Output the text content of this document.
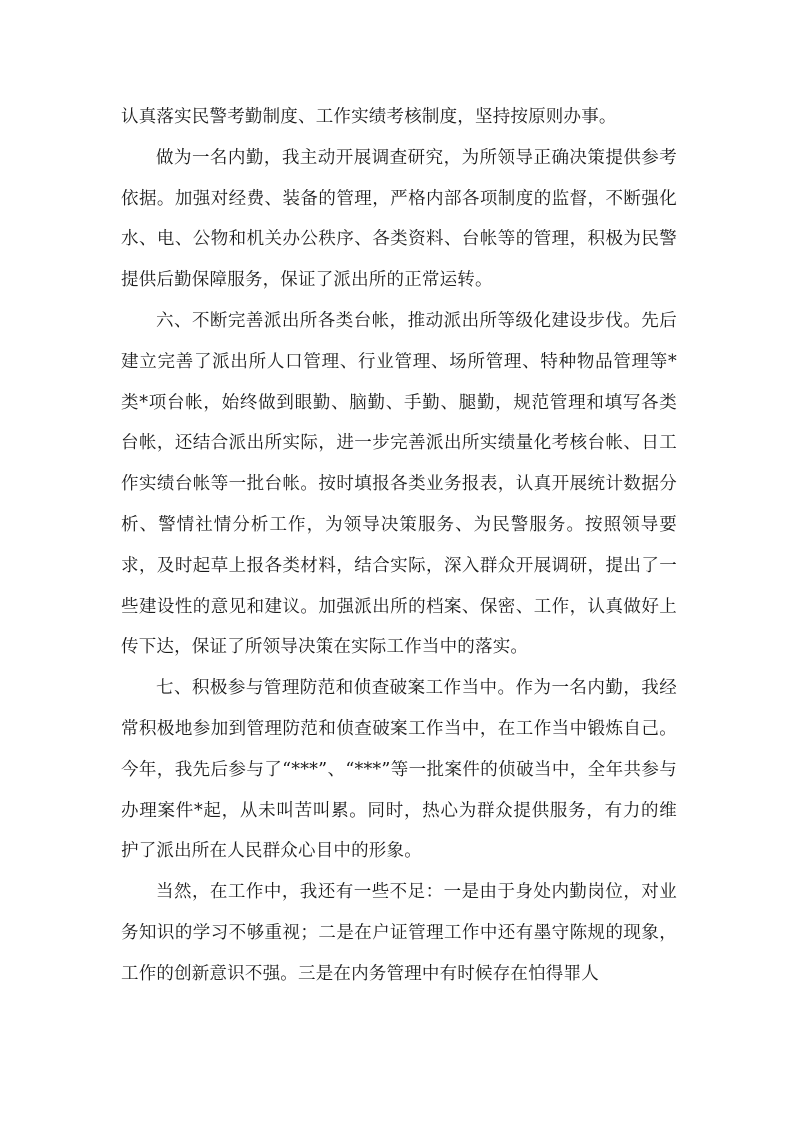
认真落实民警考勤制度、工作实绩考核制度，坚持按原则办事。

做为一名内勤，我主动开展调查研究，为所领导正确决策提供参考依据。加强对经费、装备的管理，严格内部各项制度的监督，不断强化水、电、公物和机关办公秩序、各类资料、台帐等的管理，积极为民警提供后勤保障服务，保证了派出所的正常运转。

六、不断完善派出所各类台帐，推动派出所等级化建设步伐。先后建立完善了派出所人口管理、行业管理、场所管理、特种物品管理等*类*项台帐，始终做到眼勤、脑勤、手勤、腿勤，规范管理和填写各类台帐，还结合派出所实际，进一步完善派出所实绩量化考核台帐、日工作实绩台帐等一批台帐。按时填报各类业务报表，认真开展统计数据分析、警情社情分析工作，为领导决策服务、为民警服务。按照领导要求，及时起草上报各类材料，结合实际，深入群众开展调研，提出了一些建设性的意见和建议。加强派出所的档案、保密、工作，认真做好上传下达，保证了所领导决策在实际工作当中的落实。

七、积极参与管理防范和侦查破案工作当中。作为一名内勤，我经常积极地参加到管理防范和侦查破案工作当中，在工作当中锻炼自己。今年，我先后参与了“***”、“***”等一批案件的侦破当中，全年共参与办理案件*起，从未叫苦叫累。同时，热心为群众提供服务，有力的维护了派出所在人民群众心目中的形象。

当然，在工作中，我还有一些不足：一是由于身处内勤岗位，对业务知识的学习不够重视；二是在户证管理工作中还有墨守陈规的现象，工作的创新意识不强。三是在内务管理中有时候存在怕得罪人
